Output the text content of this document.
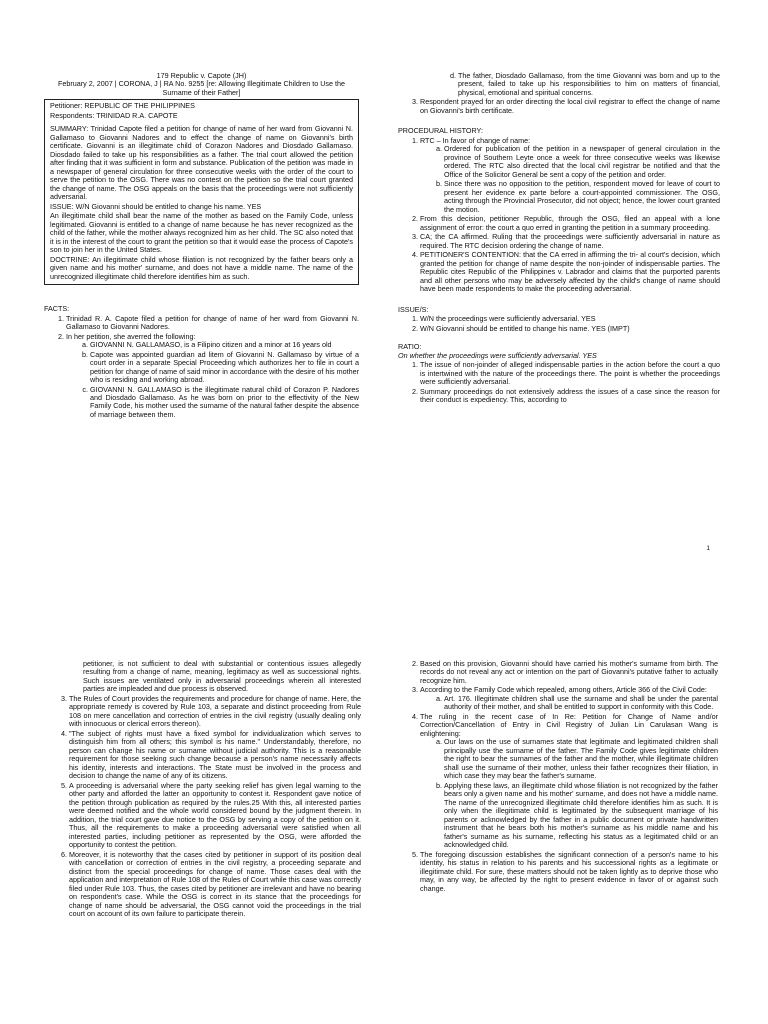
179 Republic v. Capote (JH)

February 2, 2007 | CORONA, J | RA No. 9255 [re: Allowing Illegitimate Children to Use the Surname of their Father]

Petitioner: REPUBLIC OF THE PHILIPPINES

Respondents: TRINIDAD R.A. CAPOTE

SUMMARY: Trinidad Capote filed a petition for change of name of her ward from Giovanni N. Gallamaso to Giovanni Nadores and to effect the change of name on Giovanni's birth certificate. Giovanni is an illegitimate child of Corazon Nadores and Diosdado Gallamaso. Diosdado failed to take up his responsibilities as a father. The trial court allowed the petition after finding that it was sufficient in form and substance. Publication of the petition was made in a newspaper of general circulation for three consecutive weeks with the order of the court to serve the petition to the OSG. There was no contest on the petition so the trial court granted the change of name. The OSG appeals on the basis that the proceedings were not sufficiently adversarial.

ISSUE: W/N Giovanni should be entitled to change his name. YES

An illegitimate child shall bear the name of the mother as based on the Family Code, unless legitimated. Giovanni is entitled to a change of name because he has never recognized as the child of the father, while the mother always recognized him as her child. The SC also noted that it is in the interest of the court to grant the petition so that it would ease the process of Capote's son to join her in the United States.

DOCTRINE: An illegitimate child whose filiation is not recognized by the father bears only a given name and his mother' surname, and does not have a middle name. The name of the unrecognized illegitimate child therefore identifies him as such.

FACTS:

1. Trinidad R. A. Capote filed a petition for change of name of her ward from Giovanni N. Gallamaso to Giovanni Nadores.
2. In her petition, she averred the following:
a. GIOVANNI N. GALLAMASO, is a Filipino citizen and a minor at 16 years old
b. Capote was appointed guardian ad litem of Giovanni N. Gallamaso by virtue of a court order in a separate Special Proceeding which authorizes her to file in court a petition for change of name of said minor in accordance with the desire of his mother who is residing and working abroad.
c. GIOVANNI N. GALLAMASO is the illegitimate natural child of Corazon P. Nadores and Diosdado Gallamaso. As he was born on prior to the effectivity of the New Family Code, his mother used the surname of the natural father despite the absence of marriage between them.
d. The father, Diosdado Gallamaso, from the time Giovanni was born and up to the present, failed to take up his responsibilities to him on matters of financial, physical, emotional and spiritual concerns.
3. Respondent prayed for an order directing the local civil registrar to effect the change of name on Giovanni's birth certificate.

PROCEDURAL HISTORY:

1. RTC – In favor of change of name:
a. Ordered for publication of the petition in a newspaper of general circulation in the province of Southern Leyte once a week for three consecutive weeks was likewise ordered. The RTC also directed that the local civil registrar be notified and that the Office of the Solicitor General be sent a copy of the petition and order.
b. Since there was no opposition to the petition, respondent moved for leave of court to present her evidence ex parte before a court-appointed commissioner. The OSG, acting through the Provincial Prosecutor, did not object; hence, the lower court granted the motion.
2. From this decision, petitioner Republic, through the OSG, filed an appeal with a lone assignment of error: the court a quo erred in granting the petition in a summary proceeding.
3. CA; the CA affirmed. Ruling that the proceedings were sufficiently adversarial in nature as required. The RTC decision ordering the change of name.
4. PETITIONER'S CONTENTION: that the CA erred in affirming the tri- al court's decision, which granted the petition for change of name despite the non-joinder of indispensable parties. The Republic cites Republic of the Philippines v. Labrador and claims that the purported parents and all other persons who may be adversely affected by the child's change of name should have been made respondents to make the proceeding adversarial.

ISSUE/S:

1. W/N the proceedings were sufficiently adversarial. YES
2. W/N Giovanni should be entitled to change his name. YES (IMPT)

RATIO:

On whether the proceedings were sufficiently adversarial. YES

1. The issue of non-joinder of alleged indispensable parties in the action before the court a quo is intertwined with the nature of the proceedings there. The point is whether the proceedings were sufficiently adversarial.
2. Summary proceedings do not extensively address the issues of a case since the reason for their conduct is expediency. This, according to
1

petitioner, is not sufficient to deal with substantial or contentious issues allegedly resulting from a change of name, meaning, legitimacy as well as successional rights. Such issues are ventilated only in adversarial proceedings wherein all interested parties are impleaded and due process is observed.

3. The Rules of Court provides the requirements and procedure for change of name. Here, the appropriate remedy is covered by Rule 103, a separate and distinct proceeding from Rule 108 on mere cancellation and correction of entries in the civil registry (usually dealing only with innocuous or clerical errors thereon).
4. "The subject of rights must have a fixed symbol for individualization which serves to distinguish him from all others; this symbol is his name." Understandably, therefore, no person can change his name or surname without judicial authority. This is a reasonable requirement for those seeking such change because a person's name necessarily affects his identity, interests and interactions. The State must be involved in the process and decision to change the name of any of its citizens.
5. A proceeding is adversarial where the party seeking relief has given legal warning to the other party and afforded the latter an opportunity to contest it. Respondent gave notice of the petition through publication as required by the rules.25 With this, all interested parties were deemed notified and the whole world considered bound by the judgment therein. In addition, the trial court gave due notice to the OSG by serving a copy of the petition on it. Thus, all the requirements to make a proceeding adversarial were satisfied when all interested parties, including petitioner as represented by the OSG, were afforded the opportunity to contest the petition.
6. Moreover, it is noteworthy that the cases cited by petitioner in support of its position deal with cancellation or correction of entries in the civil registry, a proceeding separate and distinct from the special proceedings for change of name. Those cases deal with the application and interpretation of Rule 108 of the Rules of Court while this case was correctly filed under Rule 103. Thus, the cases cited by petitioner are irrelevant and have no bearing on respondent's case. While the OSG is correct in its stance that the proceedings for change of name should be adversarial, the OSG cannot void the proceedings in the trial court on account of its own failure to participate therein.
2. Based on this provision, Giovanni should have carried his mother's surname from birth. The records do not reveal any act or intention on the part of Giovanni's putative father to actually recognize him.
3. According to the Family Code which repealed, among others, Article 366 of the Civil Code:
a. Art. 176. Illegitimate children shall use the surname and shall be under the parental authority of their mother, and shall be entitled to support in conformity with this Code.
4. The ruling in the recent case of In Re: Petition for Change of Name and/or Correction/Cancellation of Entry in Civil Registry of Julian Lin Carulasan Wang is enlightening:
a. Our laws on the use of surnames state that legitimate and legitimated children shall principally use the surname of the father. The Family Code gives legitimate children the right to bear the surnames of the father and the mother, while illegitimate children shall use the surname of their mother, unless their father recognizes their filiation, in which case they may bear the father's surname.
b. Applying these laws, an illegitimate child whose filiation is not recognized by the father bears only a given name and his mother' surname, and does not have a middle name. The name of the unrecognized illegitimate child therefore identifies him as such. It is only when the illegitimate child is legitimated by the subsequent marriage of his parents or acknowledged by the father in a public document or private handwritten instrument that he bears both his mother's surname as his middle name and his father's surname as his surname, reflecting his status as a legitimated child or an acknowledged child.
5. The foregoing discussion establishes the significant connection of a person's name to his identity, his status in relation to his parents and his successional rights as a legitimate or illegitimate child. For sure, these matters should not be taken lightly as to deprive those who may, in any way, be affected by the right to present evidence in favor of or against such change.
